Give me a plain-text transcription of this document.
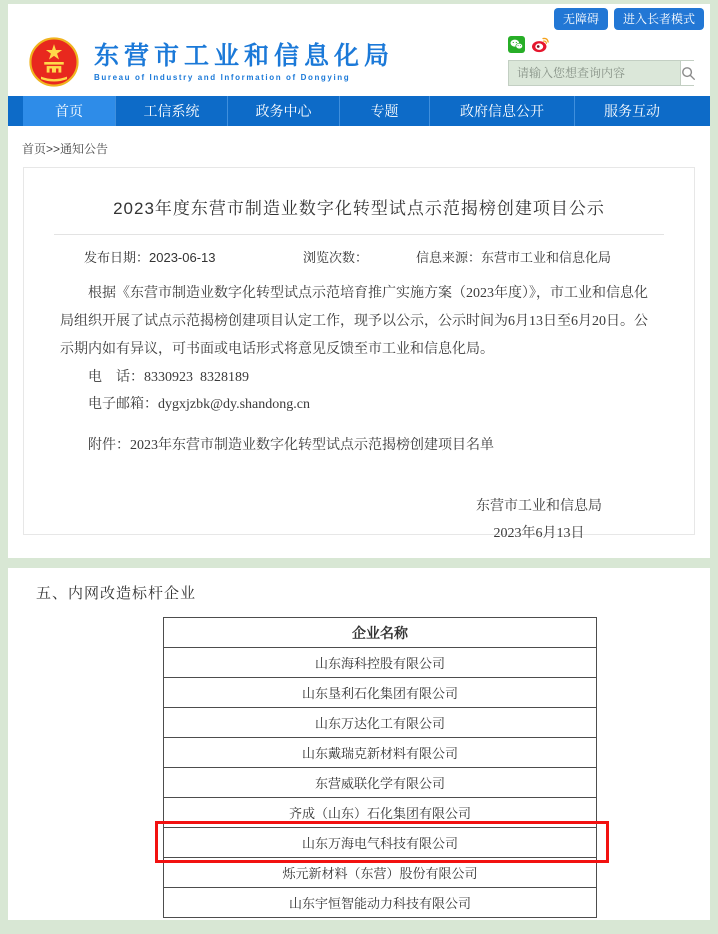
无障碍	进入长者模式
东营市工业和信息化局
Bureau of Industry and Information of Dongying
请输入您想查询内容
首页	工信系统	政务中心	专题	政府信息公开	服务互动
首页>>通知公告
2023年度东营市制造业数字化转型试点示范揭榜创建项目公示
发布日期：2023-06-13	浏览次数：	信息来源：东营市工业和信息化局

根据《东营市制造业数字化转型试点示范培育推广实施方案（2023年度）》，市工业和信息化局组织开展了试点示范揭榜创建项目认定工作，现予以公示，公示时间为6月13日至6月20日。公示期内如有异议，可书面或电话形式将意见反馈至市工业和信息化局。

电　话：8330923  8328189

电子邮箱：dygxjzbk@dy.shandong.cn

附件：2023年东营市制造业数字化转型试点示范揭榜创建项目名单

东营市工业和信息局
2023年6月13日
五、内网改造标杆企业
企业名称
山东海科控股有限公司
山东垦利石化集团有限公司
山东万达化工有限公司
山东戴瑞克新材料有限公司
东营威联化学有限公司
齐成（山东）石化集团有限公司
山东万海电气科技有限公司
烁元新材料（东营）股份有限公司
山东宇恒智能动力科技有限公司
